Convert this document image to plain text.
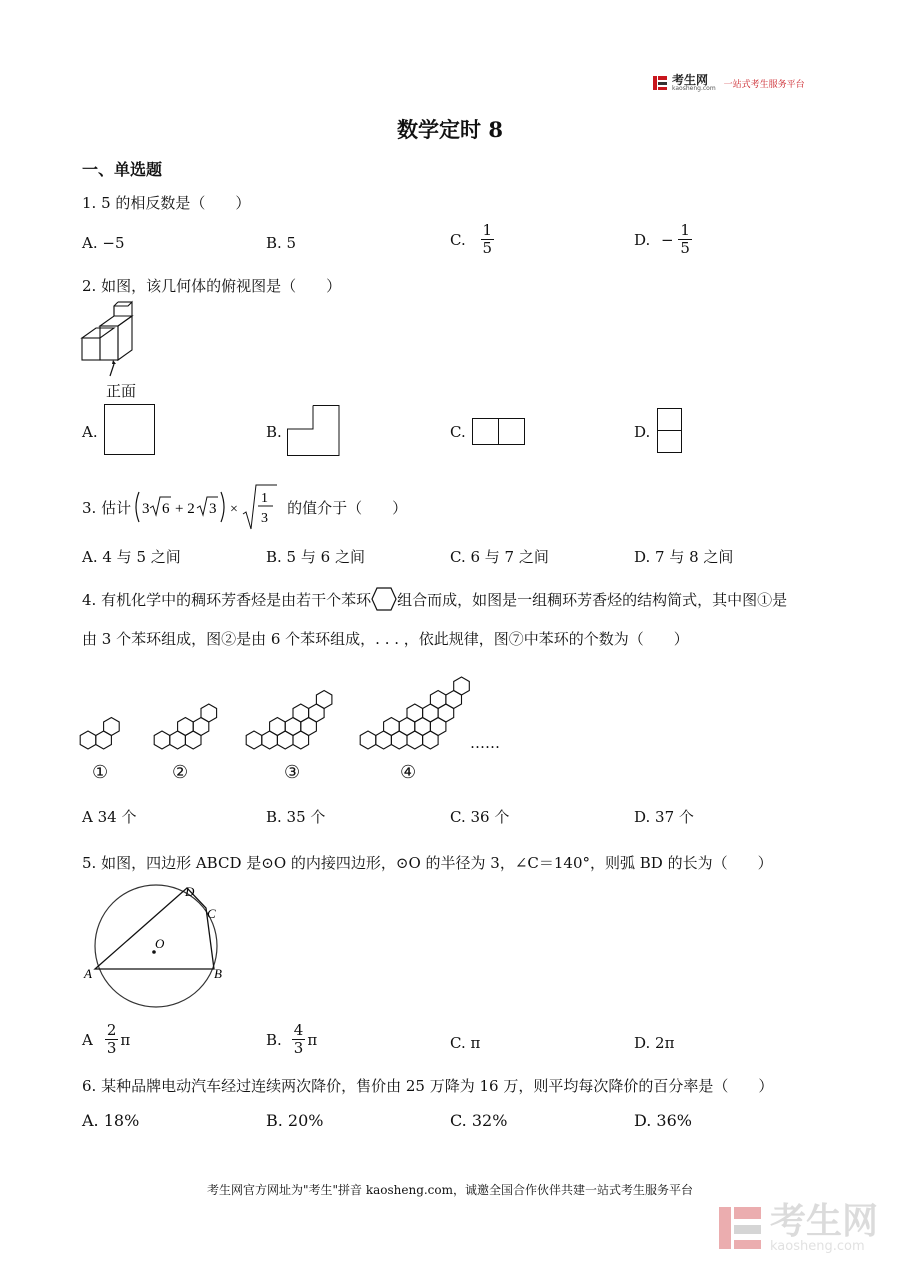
考生网
kaosheng.com 一站式考生服务平台
数学定时 8
一、单选题
1. 5 的相反数是（　　）
A. −5	B. 5	C. $\frac{1}{5}$	D. − $\frac{1}{5}$
2. 如图，该几何体的俯视图是（　　）
正面
A.	B.	C.	D.
3. 估计 3 6 + 2 3 ×
1
3
的值介于（　　）
A. 4 与 5 之间	B. 5 与 6 之间	C. 6 与 7 之间	D. 7 与 8 之间
4. 有机化学中的稠环芳香烃是由若干个苯环 组合而成，如图是一组稠环芳香烃的结构简式，其中图①是
由 3 个苯环组成，图②是由 6 个苯环组成，. . . ，依此规律，图⑦中苯环的个数为（　　）
①	②	③	④
……
A 34 个	B. 35 个	C. 36 个	D. 37 个
5. 如图，四边形 ABCD 是⊙O 的内接四边形，⊙O 的半径为 3，∠C＝140°，则弧 BD 的长为（　　）
A	B
C
D
O
A $\frac{2}{3}$ π	B. $\frac{4}{3}$ π	C. π	D. 2π
6. 某种品牌电动汽车经过连续两次降价，售价由 25 万降为 16 万，则平均每次降价的百分率是（　　）
A. 18%	B. 20%	C. 32%	D. 36%
考生网官方网址为"考生"拼音 kaosheng.com，诚邀全国合作伙伴共建一站式考生服务平台
考生网
kaosheng.com
